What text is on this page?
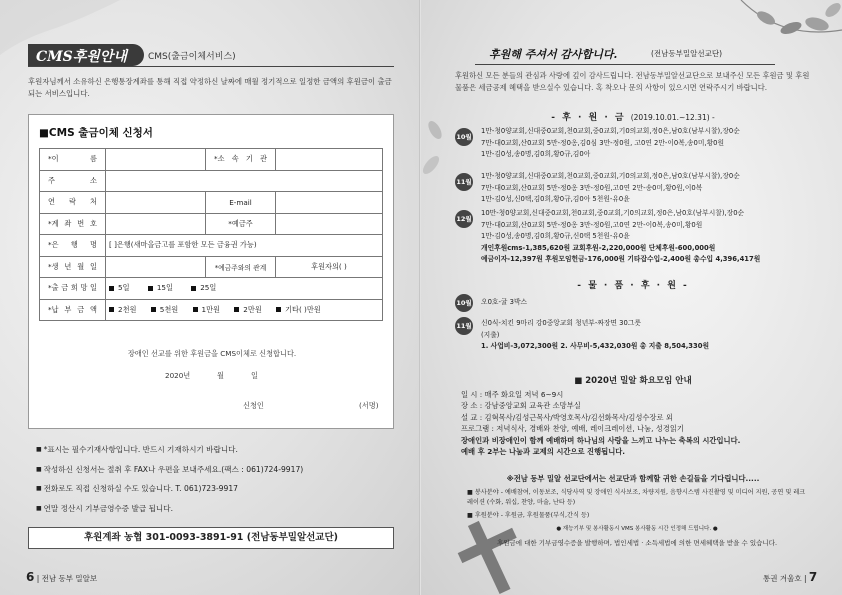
CMS후원안내 CMS(출금이체서비스)
후원자님께서 소유하신 은행통장계좌를 통해 직접 약정하신 날짜에 매월 정기적으로 일정한 금액의 후원금이 출금되는 서비스입니다.
■CMS 출금이체 신청서
*이 름		*소 속 기 관	
주 소			
연 락 처		E-mail	
*계 좌 번 호		*예금주	
*은 행 명	[ ]은행(새마을금고를 포함한 모든 금융권 가능)		
*생 년 월 일		*예금주와의 관계	후원자의( )
*출 금 희 망 일	5일 15일 25일		
*납 부 금 액	2천원 5천원 1만원 2만원 기타( )만원		
장애인 선교를 위한 후원금을 CMS이체로 신청합니다.
2020년	월	일
신청인	(서명)
■ *표시는 필수기재사항입니다. 반드시 기재하시기 바랍니다.
■ 작성하신 신청서는 절취 후 FAX나 우편을 보내주세요.(팩스 : 061)724-9917)
■ 전화로도 직접 신청하실 수도 있습니다. T. 061)723-9917
■ 연말 정산시 기부금영수증 발급 됩니다.
후원계좌 농협 301-0093-3891-91 (전남동부밀알선교단)
6 | 전남 동부 밀알보
후원해 주셔서 감사합니다.	(전남동부밀알선교단)
후원하신 모든 분들의 관심과 사랑에 깊이 감사드립니다. 전남동부밀알선교단으로 보내주신 모든 후원금 및 후원물품은 세금공제 혜택을 받으실수 있습니다. 혹 착오나 문의 사항이 있으시면 연락주시기 바랍니다.
- 후 · 원 · 금 (2019.10.01.~12.31) -
10월
1만-청0양교회,신대중0교회,천0교회,중0교회,기0의교회,정0은,남0호(남부시찰),장0순
7만-대0교회,산0교회 5만-정0옹,김0심 3만-정0원, 고0연 2만-이0복,송0미,황0원
1만-김0성,송0명,김0희,황0규,김0아
11월
1만-청0양교회,신대중0교회,천0교회,중0교회,기0의교회,정0은,남0호(남부시찰),장0순
7만-대0교회,산0교회 5만-정0옹 3만-정0원,고0연 2만-송0미,황0원,이0복
1만-김0성,신0택,김0희,황0규,김0아 5천원-유0윤
12월
10만-청0양교회,신대중0교회,천0교회,중0교회,기0의교회,정0은,남0호(남부시찰),장0순
7만-대0교회,산0교회 5만-정0옹 3만-정0원,고0연 2만-이0복,송0미,황0원
1만-김0성,송0명,김0희,황0규,신0택 5천원-유0윤
개인후원cms-1,385,620원 교회후원-2,220,000원 단체후원-600,000원
예금이자-12,397원 후원모임헌금-176,000원 기타잡수입-2,400원 총수입 4,396,417원
- 물 · 품 · 후 · 원 -
10월 오0호-귤 3박스
11월 신0식-치킨 9마리 강0중앙교회 청년부-짜장면 30그릇
(지출)
1. 사업비-3,072,300원 2. 사무비-5,432,030원 총 지출 8,504,330원
■ 2020년 밀알 화요모임 안내
일 시 : 매주 화요일 저녁 6~9시
장 소 : 강남중앙교회 교육관 소망부실
설 교 : 김혁목사/김성근목사/박영호목사/김선화목사/김성수장로 외
프로그램 : 저녁식사, 경배와 찬양, 예배, 레이크레이션, 나눔, 성경읽기
장애인과 비장애인이 함께 예배하며 하나님의 사랑을 느끼고 나누는 축복의 시간입니다.
예배 후 2부는 나눔과 교제의 시간으로 진행됩니다.
※전남 동부 밀알 선교단에서는 선교단과 함께할 귀한 손길들을 기다립니다.....
■ 봉사분야 - 예배참여, 이동보조, 식당사역 및 장애인 식사보조, 차량지원, 음향시스템 사진촬영 및 미디어 지원, 공연 및 레크레이션 (수화, 워십, 찬양, 마술, 난타 등)
■ 후원분야 - 후원금, 후원물품(부식,간식 등)
● 재능기부 및 봉사활동시 VMS 봉사활동 시간 인정해 드립니다. ●
후원금에 대한 기부금영수증을 발행하며, 법인세법 · 소득세법에 의한 면세혜택을 받을 수 있습니다.
통권 겨울호 | 7
